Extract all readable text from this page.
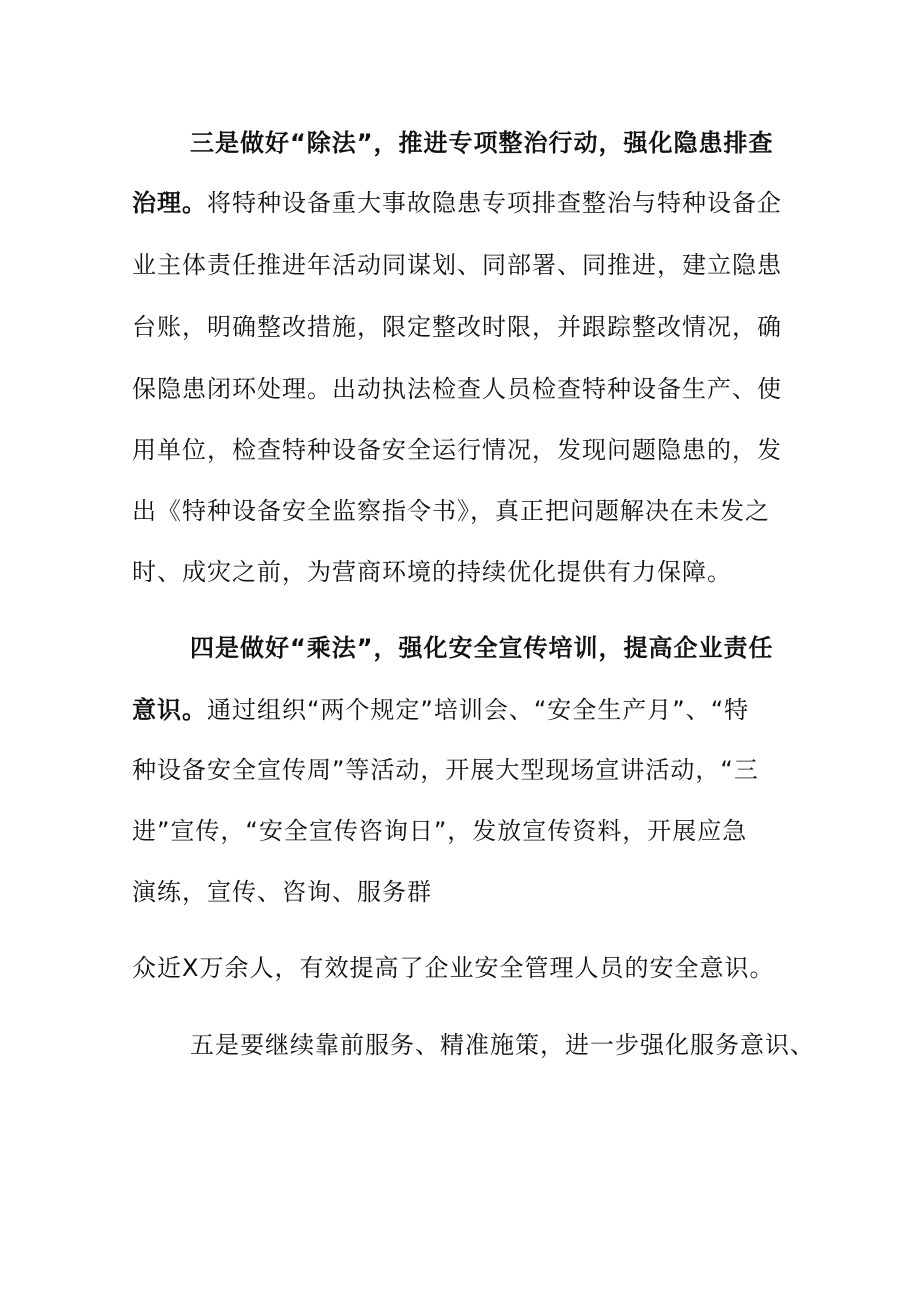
三是做好“除法”，推进专项整治行动，强化隐患排查
治理。将特种设备重大事故隐患专项排查整治与特种设备企
业主体责任推进年活动同谋划、同部署、同推进，建立隐患
台账，明确整改措施，限定整改时限，并跟踪整改情况，确
保隐患闭环处理。出动执法检查人员检查特种设备生产、使
用单位，检查特种设备安全运行情况，发现问题隐患的，发
出《特种设备安全监察指令书》，真正把问题解决在未发之
时、成灾之前，为营商环境的持续优化提供有力保障。
四是做好“乘法”，强化安全宣传培训，提高企业责任
意识。通过组织“两个规定”培训会、“安全生产月”、“特
种设备安全宣传周”等活动，开展大型现场宣讲活动，“三
进”宣传，“安全宣传咨询日”，发放宣传资料，开展应急
演练，宣传、咨询、服务群
众近X万余人，有效提高了企业安全管理人员的安全意识。
五是要继续靠前服务、精准施策，进一步强化服务意识、
